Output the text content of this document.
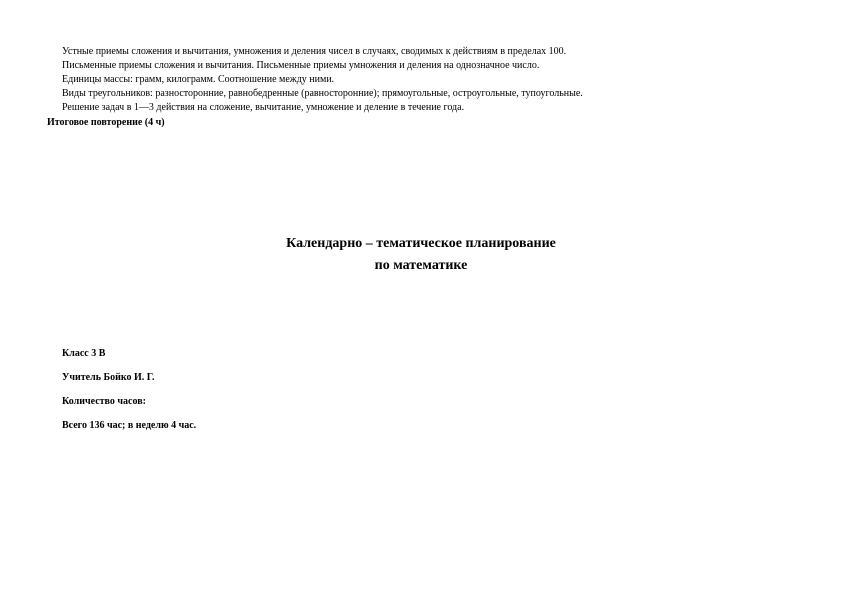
Устные приемы сложения и вычитания, умножения и деления чисел в случаях, сводимых к действиям в пределах 100.
Письменные приемы сложения и вычитания. Письменные приемы умножения и деления на однозначное число.
Единицы массы: грамм, килограмм. Соотношение между ними.
Виды треугольников: разносторонние, равнобедренные (равносторонние); прямоугольные, остроугольные, тупоугольные.
Решение задач в 1—3 действия на сложение, вычитание, умножение и деление в течение года.
Итоговое повторение (4 ч)
Календарно – тематическое планирование
по математике
Класс 3 В
Учитель Бойко И. Г.
Количество часов:
Всего 136 час; в неделю 4 час.
